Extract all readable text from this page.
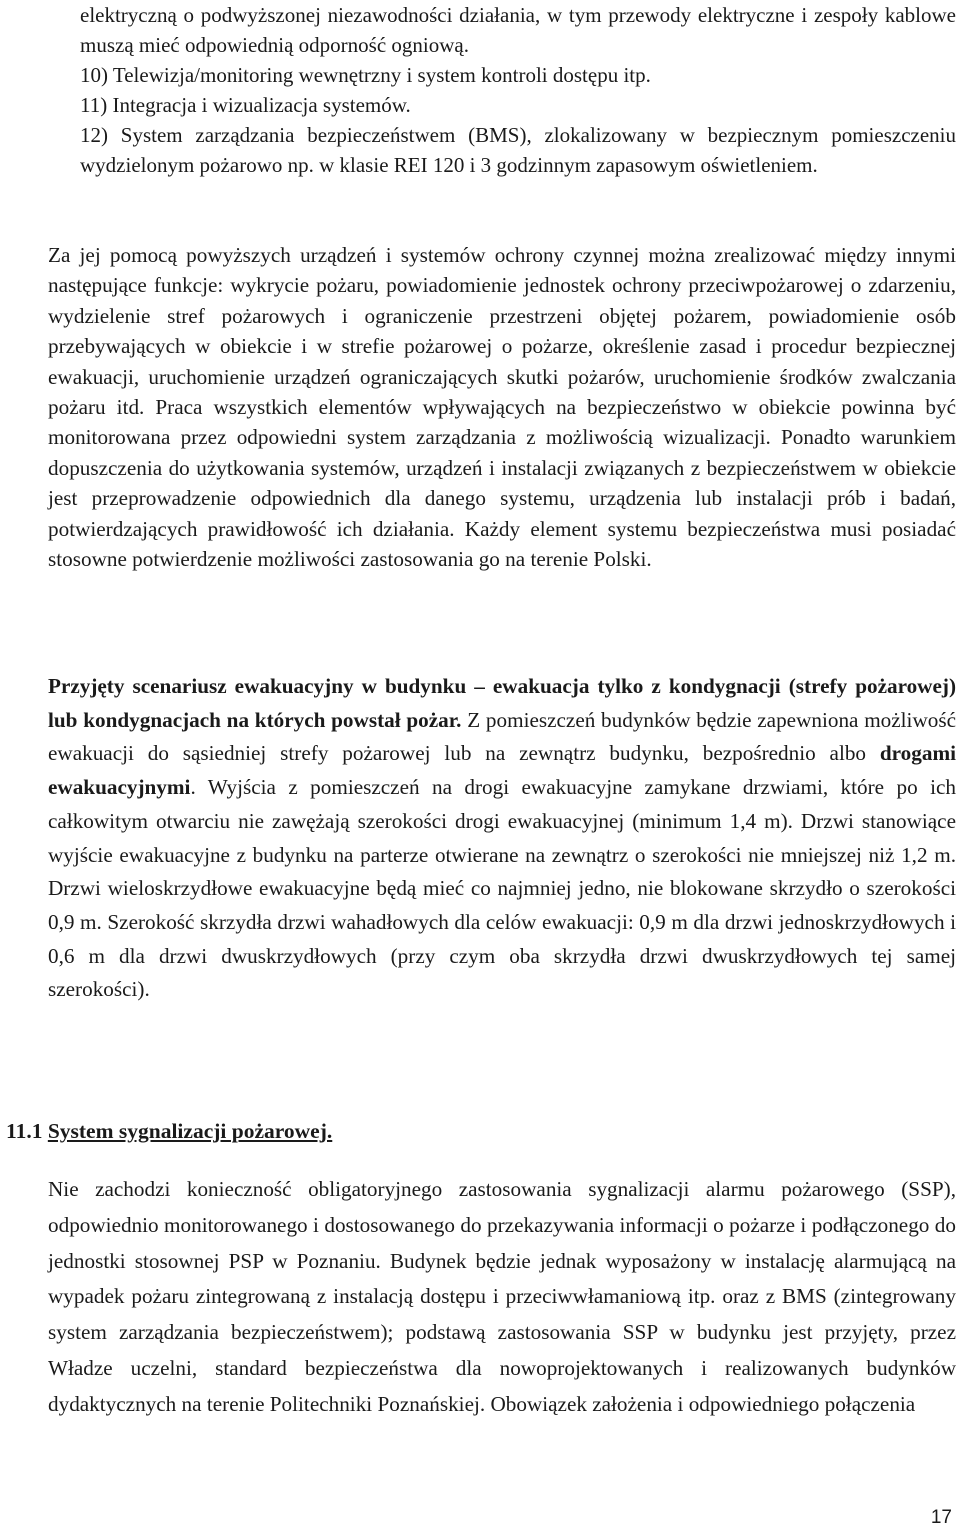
elektryczną o podwyższonej niezawodności działania, w tym przewody elektryczne i zespoły kablowe muszą mieć odpowiednią odporność ogniową.

10) Telewizja/monitoring wewnętrzny i system kontroli dostępu itp.

11) Integracja i wizualizacja systemów.

12) System zarządzania bezpieczeństwem (BMS), zlokalizowany w bezpiecznym pomieszczeniu wydzielonym pożarowo np. w klasie REI 120 i 3 godzinnym zapasowym oświetleniem.

Za jej pomocą powyższych urządzeń i systemów ochrony czynnej można zrealizować między innymi następujące funkcje: wykrycie pożaru, powiadomienie jednostek ochrony przeciwpożarowej o zdarzeniu, wydzielenie stref pożarowych i ograniczenie przestrzeni objętej pożarem, powiadomienie osób przebywających w obiekcie i w strefie pożarowej o pożarze, określenie zasad i procedur bezpiecznej ewakuacji, uruchomienie urządzeń ograniczających skutki pożarów, uruchomienie środków zwalczania pożaru itd. Praca wszystkich elementów wpływających na bezpieczeństwo w obiekcie powinna być monitorowana przez odpowiedni system zarządzania z możliwością wizualizacji. Ponadto warunkiem dopuszczenia do użytkowania systemów, urządzeń i instalacji związanych z bezpieczeństwem w obiekcie jest przeprowadzenie odpowiednich dla danego systemu, urządzenia lub instalacji prób i badań, potwierdzających prawidłowość ich działania. Każdy element systemu bezpieczeństwa musi posiadać stosowne potwierdzenie możliwości zastosowania go na terenie Polski.
Przyjęty scenariusz ewakuacyjny w budynku – ewakuacja tylko z kondygnacji (strefy pożarowej) lub kondygnacjach na których powstał pożar. Z pomieszczeń budynków będzie zapewniona możliwość ewakuacji do sąsiedniej strefy pożarowej lub na zewnątrz budynku, bezpośrednio albo drogami ewakuacyjnymi. Wyjścia z pomieszczeń na drogi ewakuacyjne zamykane drzwiami, które po ich całkowitym otwarciu nie zawężają szerokości drogi ewakuacyjnej (minimum 1,4 m). Drzwi stanowiące wyjście ewakuacyjne z budynku na parterze otwierane na zewnątrz o szerokości nie mniejszej niż 1,2 m. Drzwi wieloskrzydłowe ewakuacyjne będą mieć co najmniej jedno, nie blokowane skrzydło o szerokości 0,9 m. Szerokość skrzydła drzwi wahadłowych dla celów ewakuacji: 0,9 m dla drzwi jednoskrzydłowych i 0,6 m dla drzwi dwuskrzydłowych (przy czym oba skrzydła drzwi dwuskrzydłowych tej samej szerokości).
11.1 System sygnalizacji pożarowej.
Nie zachodzi konieczność obligatoryjnego zastosowania sygnalizacji alarmu pożarowego (SSP), odpowiednio monitorowanego i dostosowanego do przekazywania informacji o pożarze i podłączonego do jednostki stosownej PSP w Poznaniu. Budynek będzie jednak wyposażony w instalację alarmującą na wypadek pożaru zintegrowaną z instalacją dostępu i przeciwwłamaniową itp. oraz z BMS (zintegrowany system zarządzania bezpieczeństwem); podstawą zastosowania SSP w budynku jest przyjęty, przez Władze uczelni, standard bezpieczeństwa dla nowoprojektowanych i realizowanych budynków dydaktycznych na terenie Politechniki Poznańskiej. Obowiązek założenia i odpowiedniego połączenia
17
